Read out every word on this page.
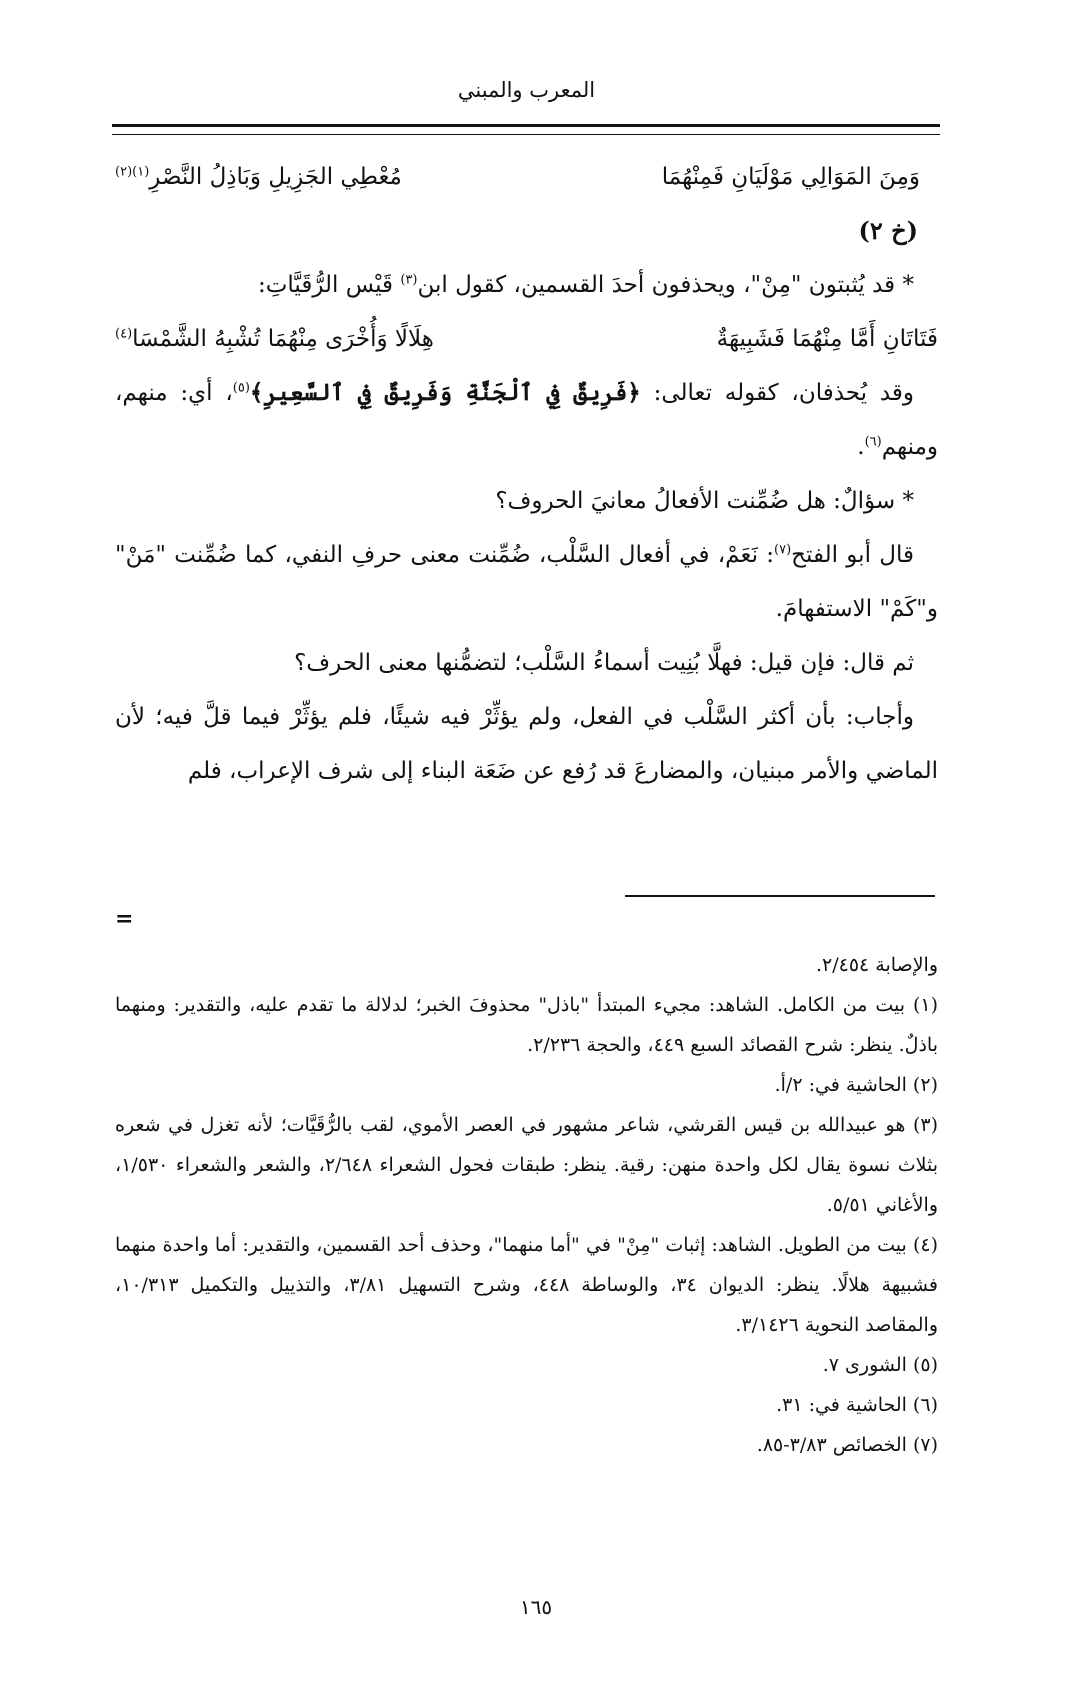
المعرب والمبني
وَمِنَ المَوَالِي مَوْلَيَانِ فَمِنْهُمَا
مُعْطِي الجَزِيلِ وَبَاذِلُ النَّصْرِ$^{(١)(٢)}$

(خ ٢)

* قد يُثبتون "مِنْ"، ويحذفون أحدَ القسمين، كقول ابن$^{(٣)}$ قَيْس الرُّقَيَّاتِ:

فَتَاتَانِ أَمَّا مِنْهُمَا فَشَبِيهَةٌ
هِلَالًا وَأُخْرَى مِنْهُمَا تُشْبِهُ الشَّمْسَا$^{(٤)}$

وقد يُحذفان، كقوله تعالى: ﴿فَرِيقٌ فِي ٱلْجَنَّةِ وَفَرِيقٌ فِي ٱلسَّعِيرِ﴾$^{(٥)}$، أي: منهم، ومنهم$^{(٦)}$.

* سؤالٌ: هل ضُمِّنت الأفعالُ معانيَ الحروف؟

قال أبو الفتح$^{(٧)}$: نَعَمْ، في أفعال السَّلْب، ضُمِّنت معنى حرفِ النفي، كما ضُمِّنت "مَنْ" و"كَمْ" الاستفهامَ.

ثم قال: فإن قيل: فهلَّا بُنِيت أسماءُ السَّلْب؛ لتضمُّنها معنى الحرف؟

وأجاب: بأن أكثر السَّلْب في الفعل، ولم يؤثِّرْ فيه شيئًا، فلم يؤثِّرْ فيما قلَّ فيه؛ لأن الماضي والأمر مبنيان، والمضارعَ قد رُفع عن ضَعَة البناء إلى شرف الإعراب، فلم

=

والإصابة ٢/٤٥٤.

(١) بيت من الكامل. الشاهد: مجيء المبتدأ "باذل" محذوفَ الخبر؛ لدلالة ما تقدم عليه، والتقدير: ومنهما باذلٌ. ينظر: شرح القصائد السبع ٤٤٩، والحجة ٢/٢٣٦.

(٢) الحاشية في: ٢/أ.

(٣) هو عبيدالله بن قيس القرشي، شاعر مشهور في العصر الأموي، لقب بالرُّقَيَّات؛ لأنه تغزل في شعره بثلاث نسوة يقال لكل واحدة منهن: رقية. ينظر: طبقات فحول الشعراء ٢/٦٤٨، والشعر والشعراء ١/٥٣٠، والأغاني ٥/٥١.

(٤) بيت من الطويل. الشاهد: إثبات "مِنْ" في "أما منهما"، وحذف أحد القسمين، والتقدير: أما واحدة منهما فشبيهة هلالًا. ينظر: الديوان ٣٤، والوساطة ٤٤٨، وشرح التسهيل ٣/٨١، والتذييل والتكميل ١٠/٣١٣، والمقاصد النحوية ٣/١٤٢٦.

(٥) الشورى ٧.

(٦) الحاشية في: ٣١.

(٧) الخصائص ٣/٨٣-٨٥.

١٦٥
